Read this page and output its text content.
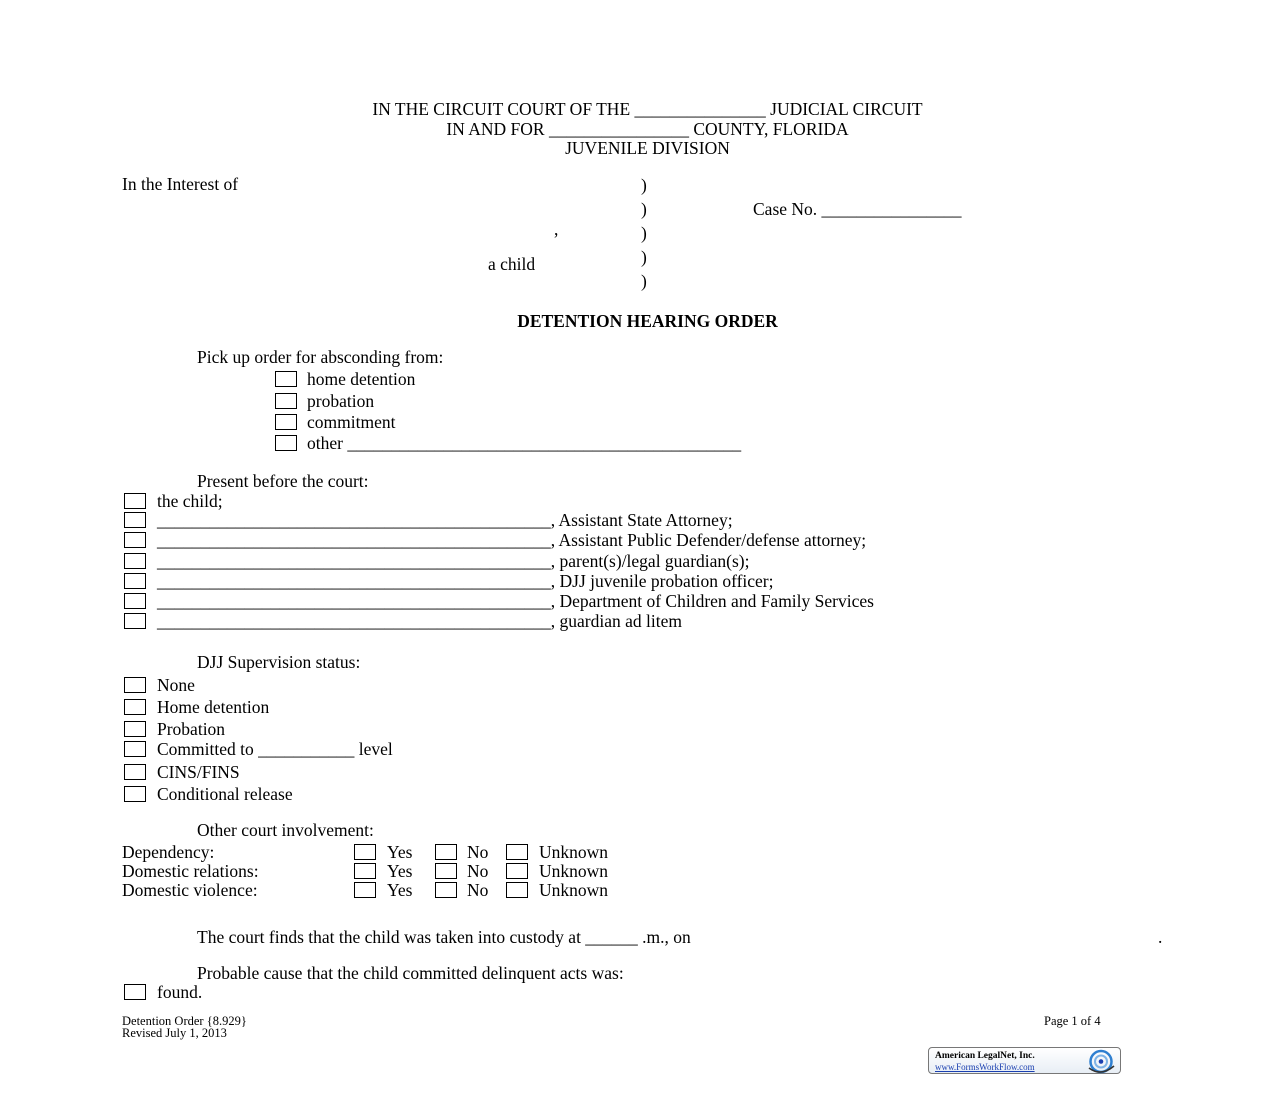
IN THE CIRCUIT COURT OF THE _______________ JUDICIAL CIRCUIT
IN AND FOR ________________ COUNTY, FLORIDA
JUVENILE DIVISION
In the Interest of
,
a child
)
)
)
)
)
Case No. ________________
DETENTION HEARING ORDER
Pick up order for absconding from:
home detention
probation
commitment
other _____________________________________________
Present before the court:
the child;
_____________________________________________, Assistant State Attorney;
_____________________________________________, Assistant Public Defender/defense attorney;
_____________________________________________, parent(s)/legal guardian(s);
_____________________________________________, DJJ juvenile probation officer;
_____________________________________________, Department of Children and Family Services
_____________________________________________, guardian ad litem
DJJ Supervision status:
None
Home detention
Probation
Committed to ___________ level
CINS/FINS
Conditional release
Other court involvement:
Dependency:	Yes	No	Unknown
Domestic relations:	Yes	No	Unknown
Domestic violence:	Yes	No	Unknown
The court finds that the child was taken into custody at ______ .m., on	.
Probable cause that the child committed delinquent acts was:
found.
Detention Order {8.929}
Revised July 1, 2013
Page 1 of 4
American LegalNet, Inc.
www.FormsWorkFlow.com
